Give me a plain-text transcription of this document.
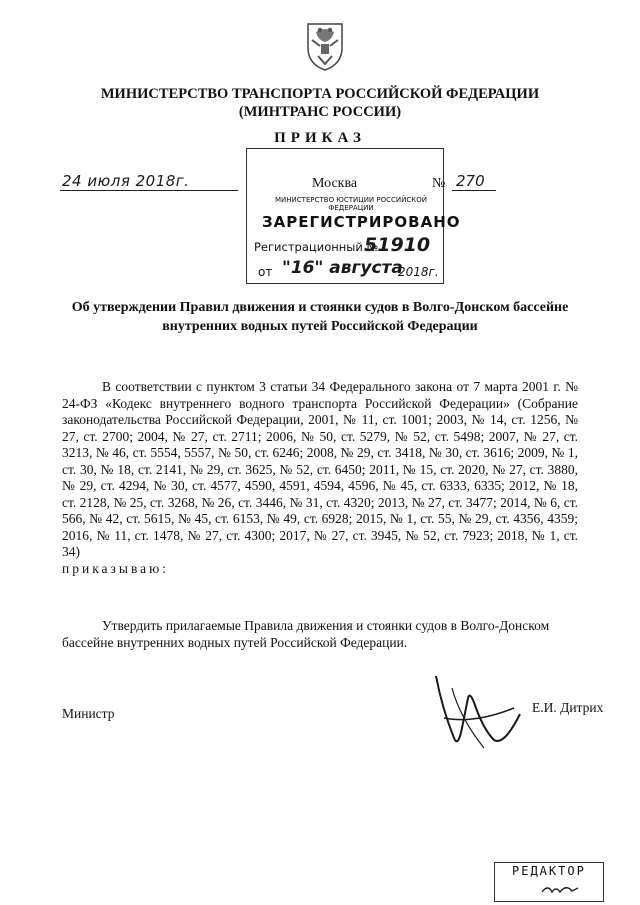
МИНИСТЕРСТВО ТРАНСПОРТА РОССИЙСКОЙ ФЕДЕРАЦИИ
(МИНТРАНС РОССИИ)
ПРИКАЗ
МИНИСТЕРСТВО ЮСТИЦИИ РОССИЙСКОЙ ФЕДЕРАЦИИ
ЗАРЕГИСТРИРОВАНО
Регистрационный №
51910
от "16" августа
2018г.
24 июля 2018г.	Москва	№ 270
Об утверждении Правил движения и стоянки судов в Волго-Донском бассейне внутренних водных путей Российской Федерации
В соответствии с пунктом 3 статьи 34 Федерального закона от 7 марта 2001 г. № 24-ФЗ «Кодекс внутреннего водного транспорта Российской Федерации» (Собрание законодательства Российской Федерации, 2001, № 11, ст. 1001; 2003, № 14, ст. 1256, № 27, ст. 2700; 2004, № 27, ст. 2711; 2006, № 50, ст. 5279, № 52, ст. 5498; 2007, № 27, ст. 3213, № 46, ст. 5554, 5557, № 50, ст. 6246; 2008, № 29, ст. 3418, № 30, ст. 3616; 2009, № 1, ст. 30, № 18, ст. 2141, № 29, ст. 3625, № 52, ст. 6450; 2011, № 15, ст. 2020, № 27, ст. 3880, № 29, ст. 4294, № 30, ст. 4577, 4590, 4591, 4594, 4596, № 45, ст. 6333, 6335; 2012, № 18, ст. 2128, № 25, ст. 3268, № 26, ст. 3446, № 31, ст. 4320; 2013, № 27, ст. 3477; 2014, № 6, ст. 566, № 42, ст. 5615, № 45, ст. 6153, № 49, ст. 6928; 2015, № 1, ст. 55, № 29, ст. 4356, 4359; 2016, № 11, ст. 1478, № 27, ст. 4300; 2017, № 27, ст. 3945, № 52, ст. 7923; 2018, № 1, ст. 34)
приказываю:
Утвердить прилагаемые Правила движения и стоянки судов в Волго-Донском бассейне внутренних водных путей Российской Федерации.
Министр	Е.И. Дитрих
РЕДАКТОР
